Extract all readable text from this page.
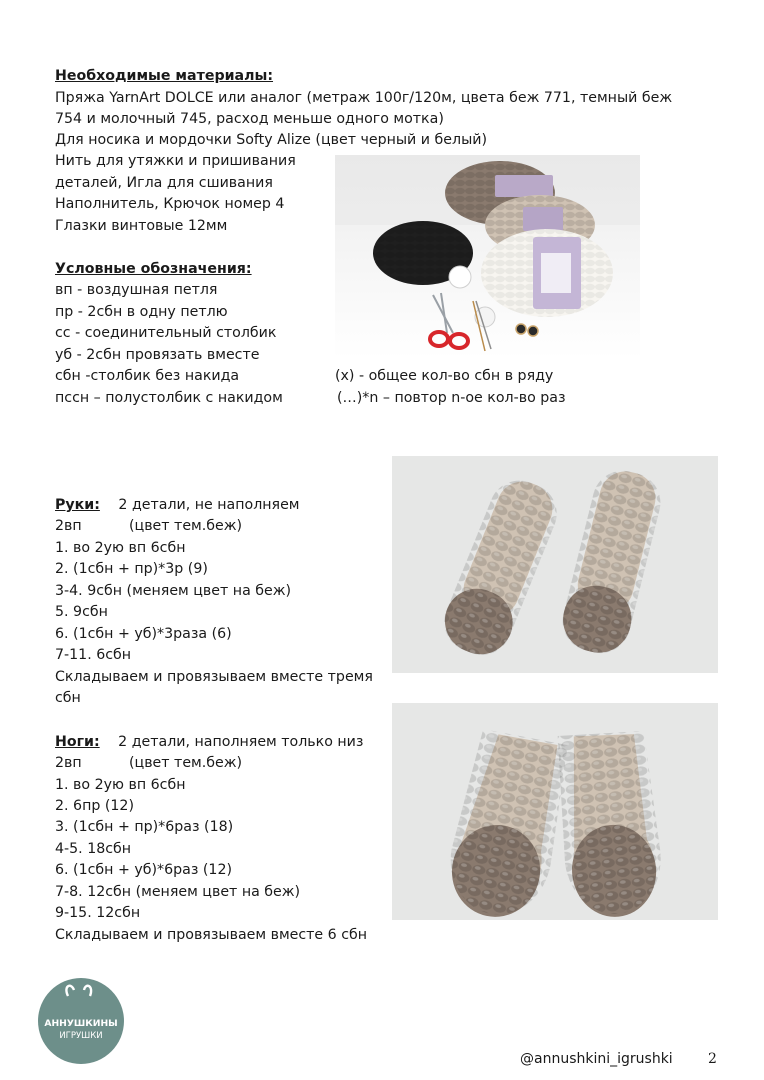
Необходимые материалы:
Пряжа YarnArt DOLCE или аналог (метраж 100г/120м, цвета беж 771, темный беж
754 и молочный 745, расход меньше одного мотка)
Для носика и мордочки Softy Alize (цвет черный и белый)
Нить для утяжки и пришивания
деталей, Игла для сшивания
Наполнитель, Крючок номер 4
Глазки винтовые 12мм
Условные обозначения:
вп - воздушная петля
пр - 2сбн в одну петлю
сс - соединительный столбик
уб - 2сбн провязать вместе
сбн -столбик без накида
пссн – полустолбик с накидом
(x) - общее кол-во сбн в ряду
(…)*n – повтор n-ое кол-во раз
Руки: 2 детали, не наполняем
2вп	(цвет тем.беж)
1. во 2ую вп 6сбн
2. (1сбн + пр)*3р (9)
3-4. 9сбн (меняем цвет на беж)
5. 9сбн
6. (1сбн + уб)*3раза (6)
7-11. 6сбн
Складываем и провязываем вместе тремя
сбн
Ноги: 2 детали, наполняем только низ
2вп	(цвет тем.беж)
1. во 2ую вп 6сбн
2. 6пр (12)
3. (1сбн + пр)*6раз (18)
4-5. 18сбн
6. (1сбн + уб)*6раз (12)
7-8. 12сбн (меняем цвет на беж)
9-15. 12сбн
Складываем и провязываем вместе 6 сбн
АННУШКИНЫ
ИГРУШКИ
@annushkini_igrushki	2
